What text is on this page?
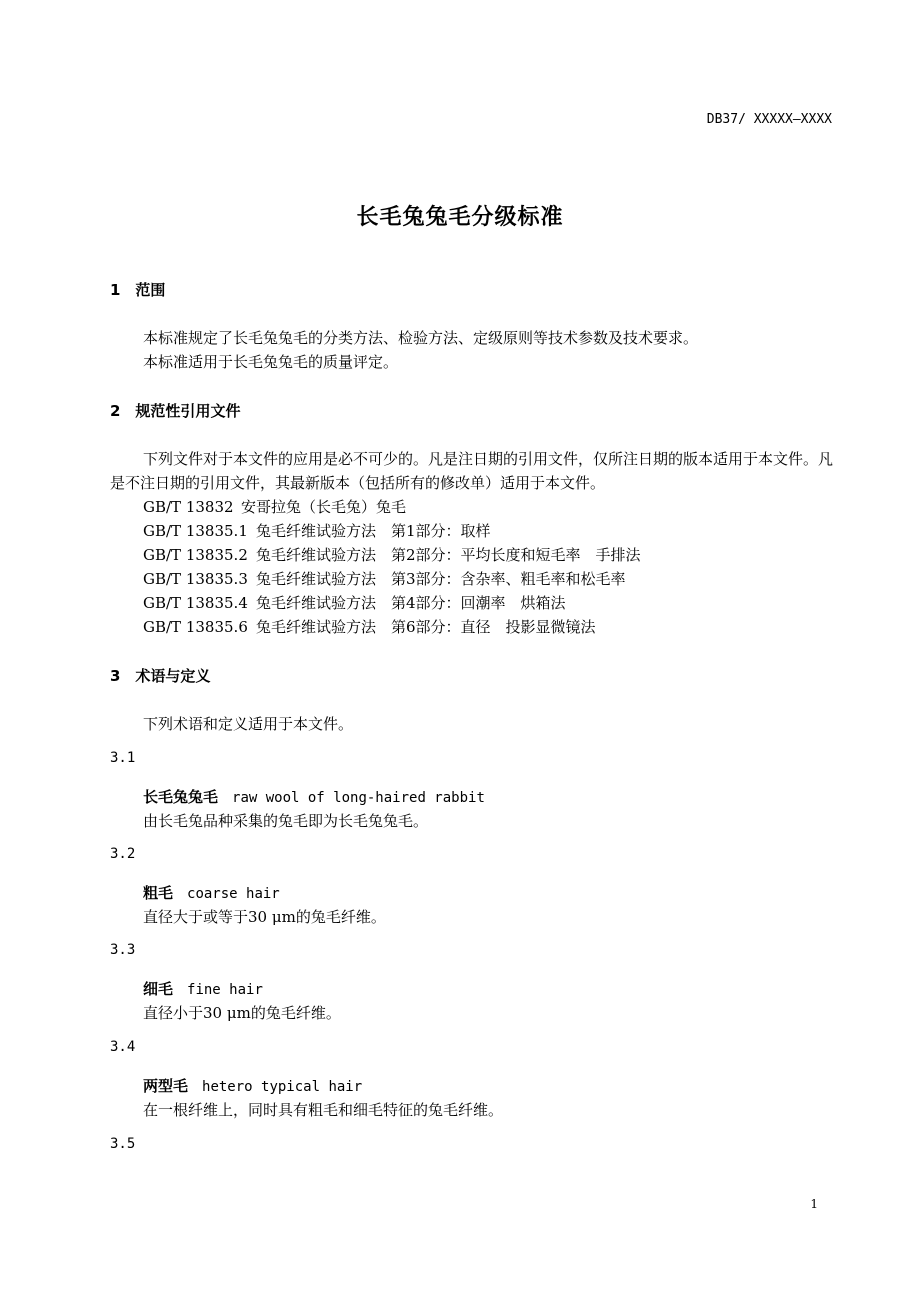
DB37/ XXXXX—XXXX
长毛兔兔毛分级标准
1　范围
本标准规定了长毛兔兔毛的分类方法、检验方法、定级原则等技术参数及技术要求。
本标准适用于长毛兔兔毛的质量评定。
2　规范性引用文件
下列文件对于本文件的应用是必不可少的。凡是注日期的引用文件，仅所注日期的版本适用于本文件。凡是不注日期的引用文件，其最新版本（包括所有的修改单）适用于本文件。
GB/T 13832 安哥拉兔（长毛兔）兔毛
GB/T 13835.1 兔毛纤维试验方法　第1部分：取样
GB/T 13835.2 兔毛纤维试验方法　第2部分：平均长度和短毛率　手排法
GB/T 13835.3 兔毛纤维试验方法　第3部分：含杂率、粗毛率和松毛率
GB/T 13835.4 兔毛纤维试验方法　第4部分：回潮率　烘箱法
GB/T 13835.6 兔毛纤维试验方法　第6部分：直径　投影显微镜法
3　术语与定义
下列术语和定义适用于本文件。
3.1
长毛兔兔毛 raw wool of long-haired rabbit
由长毛兔品种采集的兔毛即为长毛兔兔毛。
3.2
粗毛 coarse hair
直径大于或等于30 μm的兔毛纤维。
3.3
细毛 fine hair
直径小于30 μm的兔毛纤维。
3.4
两型毛 hetero typical hair
在一根纤维上，同时具有粗毛和细毛特征的兔毛纤维。
3.5
1
